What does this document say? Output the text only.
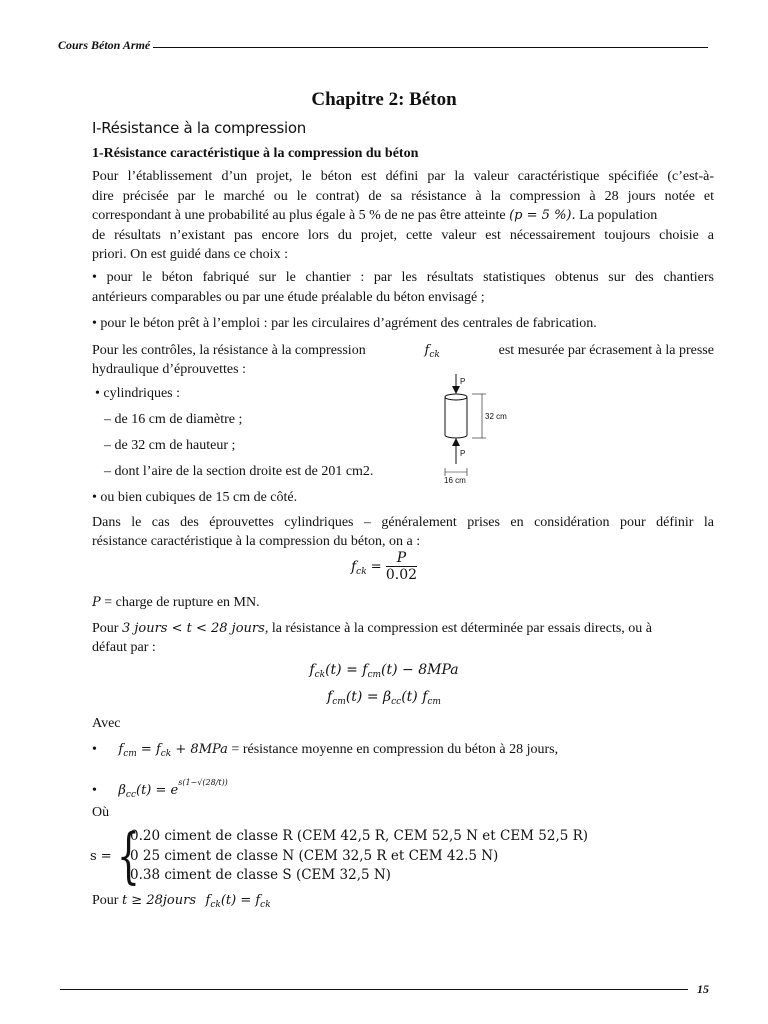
Cours Béton Armé
Chapitre 2: Béton
I-Résistance à la compression
1-Résistance caractéristique à la compression du béton
Pour l’établissement d’un projet, le béton est défini par la valeur caractéristique spécifiée (c’est-à-
dire précisée par le marché ou le contrat) de sa résistance à la compression à 28 jours notée et
correspondant à une probabilité au plus égale à 5 % de ne pas être atteinte (p = 5 %). La population
de résultats n’existant pas encore lors du projet, cette valeur est nécessairement toujours choisie a
priori. On est guidé dans ce choix :
• pour le béton fabriqué sur le chantier : par les résultats statistiques obtenus sur des chantiers
antérieurs comparables ou par une étude préalable du béton envisagé ;
• pour le béton prêt à l’emploi : par les circulaires d’agrément des centrales de fabrication.
Pour les contrôles, la résistance à la compression	$f_{ck}$	est mesurée par écrasement à la presse
hydraulique d’éprouvettes :
• cylindriques :
– de 16 cm de diamètre ;
– de 32 cm de hauteur ;
– dont l’aire de la section droite est de 201 cm2.
• ou bien cubiques de 15 cm de côté.
P
P
32 cm
16 cm
Dans le cas des éprouvettes cylindriques – généralement prises en considération pour définir la
résistance caractéristique à la compression du béton, on a :
$f_{ck} = \frac{P}{0.02}$
P = charge de rupture en MN.
Pour 3 jours < t < 28 jours, la résistance à la compression est déterminée par essais directs, ou à
défaut par :
$f_{ck}(t) = f_{cm}(t) - 8MPa$
$f_{cm}(t) = \beta_{cc}(t)$ $f_{cm}$
Avec
• $f_{cm} = f_{ck} + 8MPa$ = résistance moyenne en compression du béton à 28 jours,
• $\beta_{cc}(t) = e^{s(1-√(28/t))}$
Où
s = {
0.20 ciment de classe R (CEM 42,5 R, CEM 52,5 N et CEM 52,5 R)
0 25 ciment de classe N (CEM 32,5 R et CEM 42.5 N)
0.38 ciment de classe S (CEM 32,5 N)
Pour t ≥ 28jours $f_{ck}(t) = f_{ck}$
15
